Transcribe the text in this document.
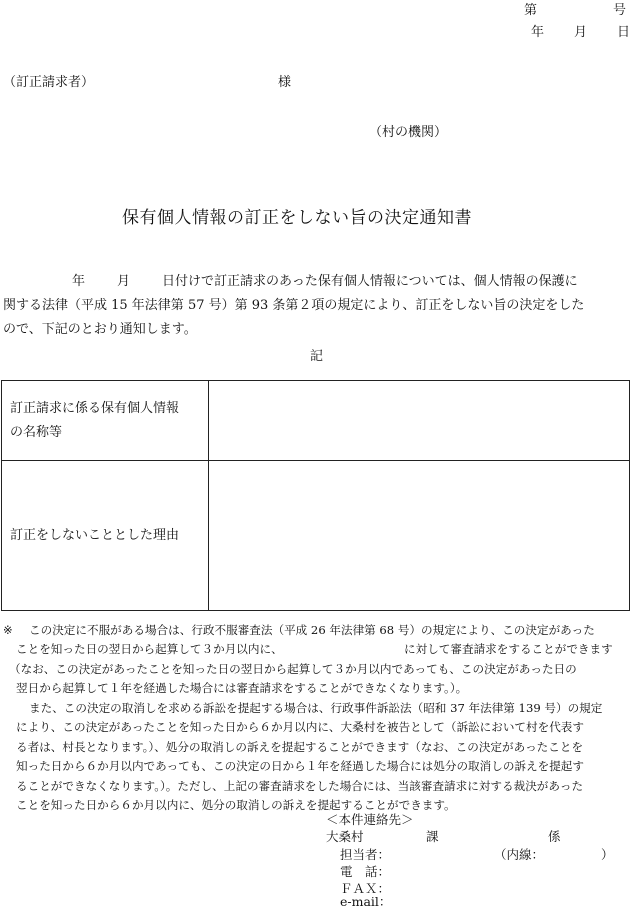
第	号
年 月 日
（訂正請求者）	様
（村の機関）
保有個人情報の訂正をしない旨の決定通知書
年 月 日付けで訂正請求のあった保有個人情報については、個人情報の保護に
関する法律（平成 15 年法律第 57 号）第 93 条第２項の規定により、訂正をしない旨の決定をした
ので、下記のとおり通知します。
記
訂正請求に係る保有個人情報
の名称等	

訂正をしないこととした理由	
※ この決定に不服がある場合は、行政不服審査法（平成 26 年法律第 68 号）の規定により、この決定があった
ことを知った日の翌日から起算して３か月以内に、	に対して審査請求をすることができます
（なお、この決定があったことを知った日の翌日から起算して３か月以内であっても、この決定があった日の
翌日から起算して１年を経過した場合には審査請求をすることができなくなります。）。
また、この決定の取消しを求める訴訟を提起する場合は、行政事件訴訟法（昭和 37 年法律第 139 号）の規定
により、この決定があったことを知った日から６か月以内に、大桑村を被告として（訴訟において村を代表す
る者は、村長となります。）、処分の取消しの訴えを提起することができます（なお、この決定があったことを
知った日から６か月以内であっても、この決定の日から１年を経過した場合には処分の取消しの訴えを提起す
ることができなくなります。）。ただし、上記の審査請求をした場合には、当該審査請求に対する裁決があった
ことを知った日から６か月以内に、処分の取消しの訴えを提起することができます。
＜本件連絡先＞
大桑村	課	係
担当者：	（内線：	）
電　話：
ＦＡＸ：
e-mail：
